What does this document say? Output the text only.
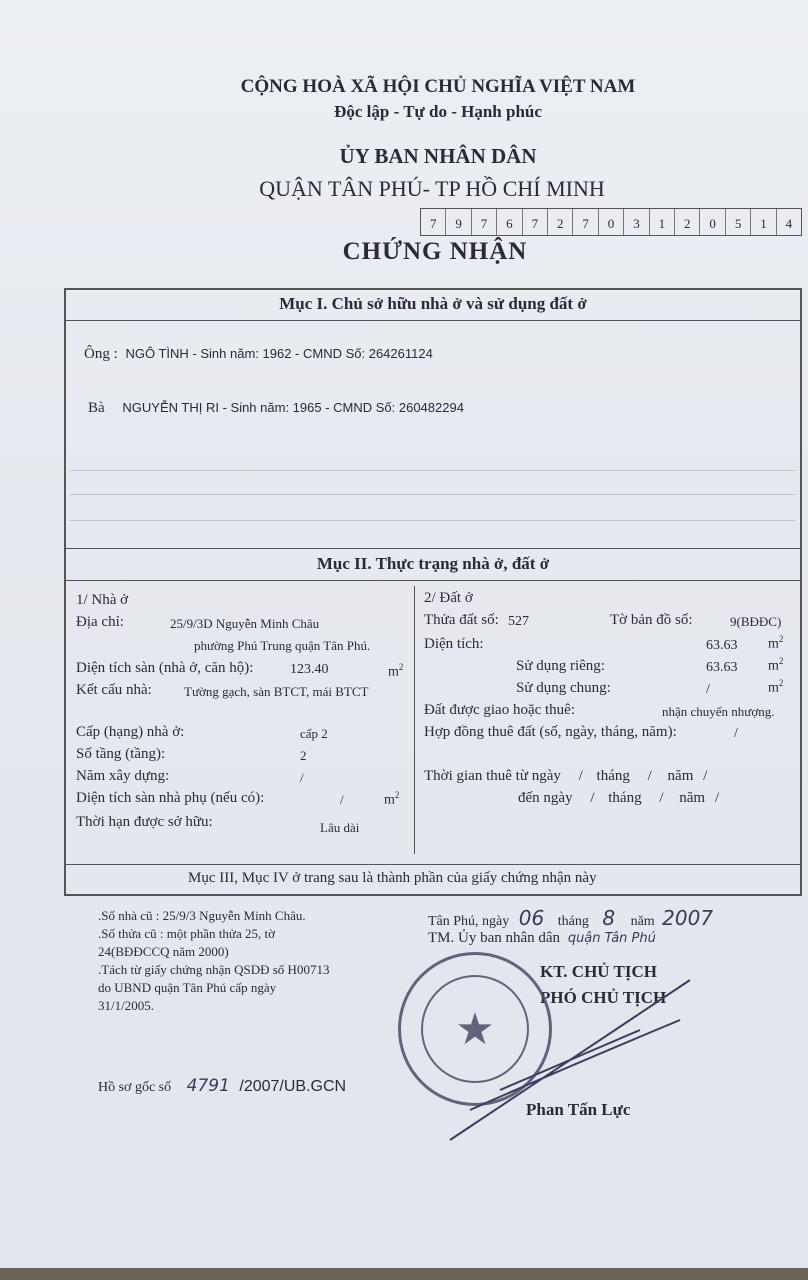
CỘNG HOÀ XÃ HỘI CHỦ NGHĨA VIỆT NAM
Độc lập - Tự do - Hạnh phúc
ỦY BAN NHÂN DÂN
QUẬN TÂN PHÚ- TP HỒ CHÍ MINH
7	9	7	6	7	2	7	0	3	1	2	0	5	1	4
CHỨNG NHẬN
Mục I. Chủ sở hữu nhà ở và sử dụng đất ở
Ông : NGÔ TÌNH - Sinh năm: 1962 - CMND Số: 264261124
Bà NGUYỄN THỊ RI - Sinh năm: 1965 - CMND Số: 260482294
Mục II. Thực trạng nhà ở, đất ở
1/ Nhà ở
Địa chỉ:	25/9/3D Nguyễn Minh Châu
phường Phú Trung quận Tân Phú.
Diện tích sàn (nhà ở, căn hộ):	123.40	$m^2$
Kết cấu nhà: Tường gạch, sàn BTCT, mái BTCT
Cấp (hạng) nhà ở:	cấp 2
Số tầng (tầng):	2
Năm xây dựng:	/
Diện tích sàn nhà phụ (nếu có):	/	$m^2$
Thời hạn được sở hữu:	Lâu dài
2/ Đất ở
Thửa đất số: 527	Tờ bản đồ số:	9(BĐĐC)
Diện tích:	63.63 $m^2$
Sử dụng riêng:	63.63 $m^2$
Sử dụng chung:	/	$m^2$
Đất được giao hoặc thuê:	nhận chuyển nhượng.
Hợp đồng thuê đất (số, ngày, tháng, năm):	/
Thời gian thuê từ ngày / tháng / năm /
đến ngày / tháng / năm /
Mục III, Mục IV ở trang sau là thành phần của giấy chứng nhận này
.Số nhà cũ : 25/9/3 Nguyễn Minh Châu.
.Số thửa cũ : một phần thửa 25, tờ
24(BĐĐCCQ năm 2000)
.Tách từ giấy chứng nhận QSDĐ số H00713
do UBND quận Tân Phú cấp ngày
31/1/2005.
Tân Phú, ngày 06 tháng 8 năm 2007
TM. Ủy ban nhân dân quận Tân Phú
KT. CHỦ TỊCH
PHÓ CHỦ TỊCH
★
Phan Tấn Lực
Hồ sơ gốc số 4791 /2007/UB.GCN
